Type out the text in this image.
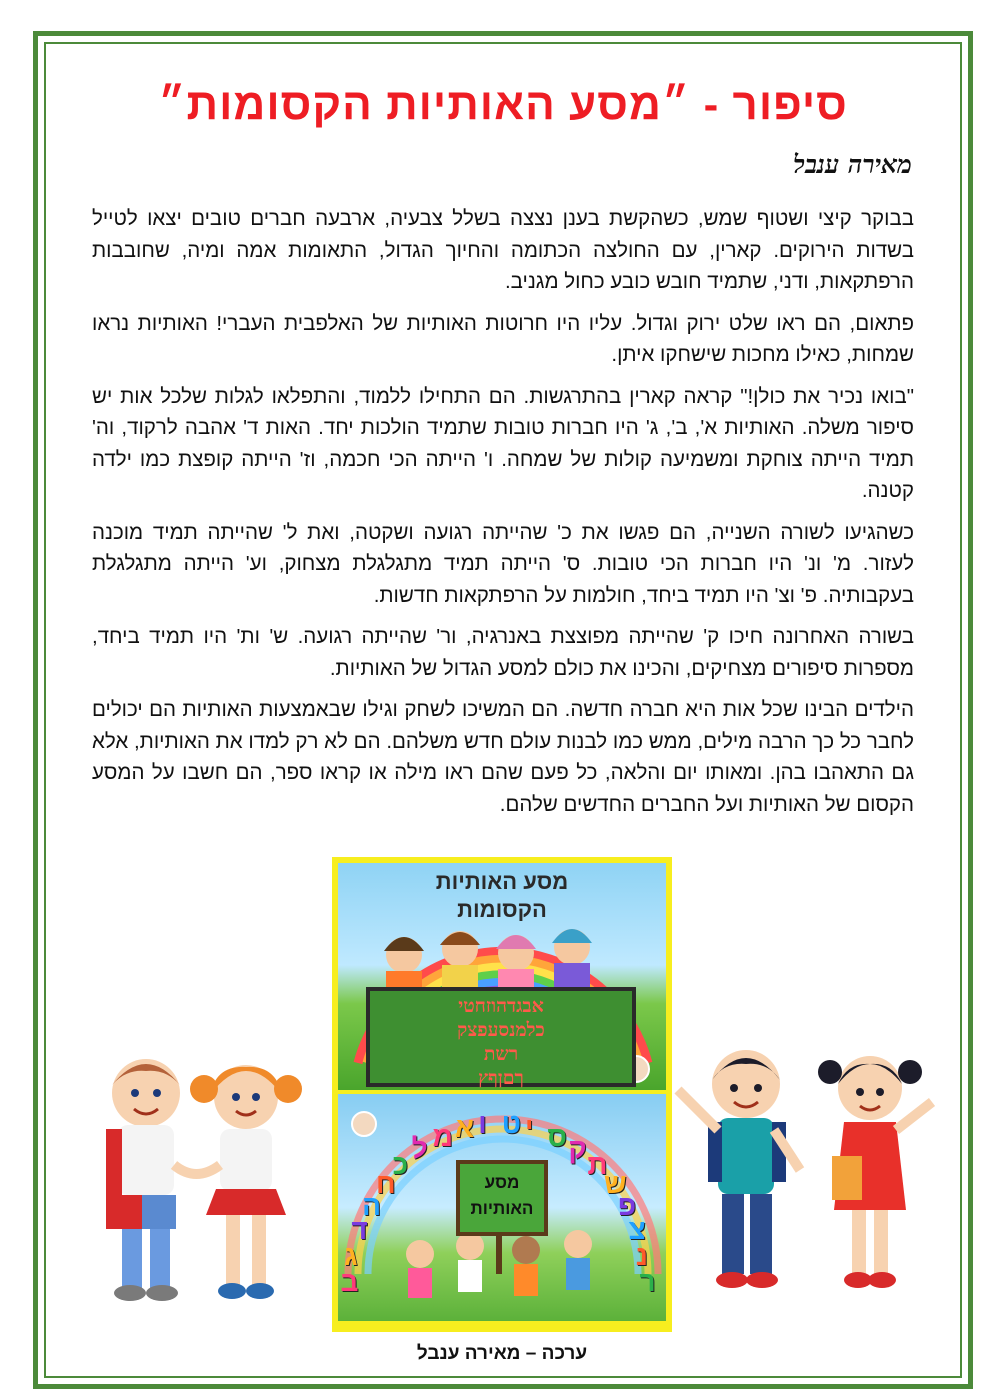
סיפור - ״מסע האותיות הקסומות״
מאירה ענבל

בבוקר קיצי ושטוף שמש, כשהקשת בענן נצצה בשלל צבעיה, ארבעה חברים טובים יצאו לטייל בשדות הירוקים. קארין, עם החולצה הכתומה והחיוך הגדול, התאומות אמה ומיה, שחובבות הרפתקאות, ודני, שתמיד חובש כובע כחול מגניב.

פתאום, הם ראו שלט ירוק וגדול. עליו היו חרוטות האותיות של האלפבית העברי! האותיות נראו שמחות, כאילו מחכות שישחקו איתן.

"בואו נכיר את כולן!" קראה קארין בהתרגשות. הם התחילו ללמוד, והתפלאו לגלות שלכל אות יש סיפור משלה. האותיות א', ב', ג' היו חברות טובות שתמיד הולכות יחד. האות ד' אהבה לרקוד, וה' תמיד הייתה צוחקת ומשמיעה קולות של שמחה. ו' הייתה הכי חכמה, וז' הייתה קופצת כמו ילדה קטנה.

כשהגיעו לשורה השנייה, הם פגשו את כ' שהייתה רגועה ושקטה, ואת ל' שהייתה תמיד מוכנה לעזור. מ' ונ' היו חברות הכי טובות. ס' הייתה תמיד מתגלגלת מצחוק, וע' הייתה מתגלגלת בעקבותיה. פ' וצ' היו תמיד ביחד, חולמות על הרפתקאות חדשות.

בשורה האחרונה חיכו ק' שהייתה מפוצצת באנרגיה, ור' שהייתה רגועה. ש' ות' היו תמיד ביחד, מספרות סיפורים מצחיקים, והכינו את כולם למסע הגדול של האותיות.

הילדים הבינו שכל אות היא חברה חדשה. הם המשיכו לשחק וגילו שבאמצעות האותיות הם יכולים לחבר כל כך הרבה מילים, ממש כמו לבנות עולם חדש משלהם. הם לא רק למדו את האותיות, אלא גם התאהבו בהן. ומאותו יום והלאה, כל פעם שהם ראו מילה או קראו ספר, הם חשבו על המסע הקסום של האותיות ועל החברים החדשים שלהם.

מסע האותיות
הקסומות
אבגדהוזחטי
כלמנסעפצק
רשת
ךםןףץ
מסע
האותיות
ב
ג
ד
ה
ח
כ
ל מ א ו ט י ס ק
ת
ש
פ
צ
נ
ר
ערכה – מאירה ענבל
